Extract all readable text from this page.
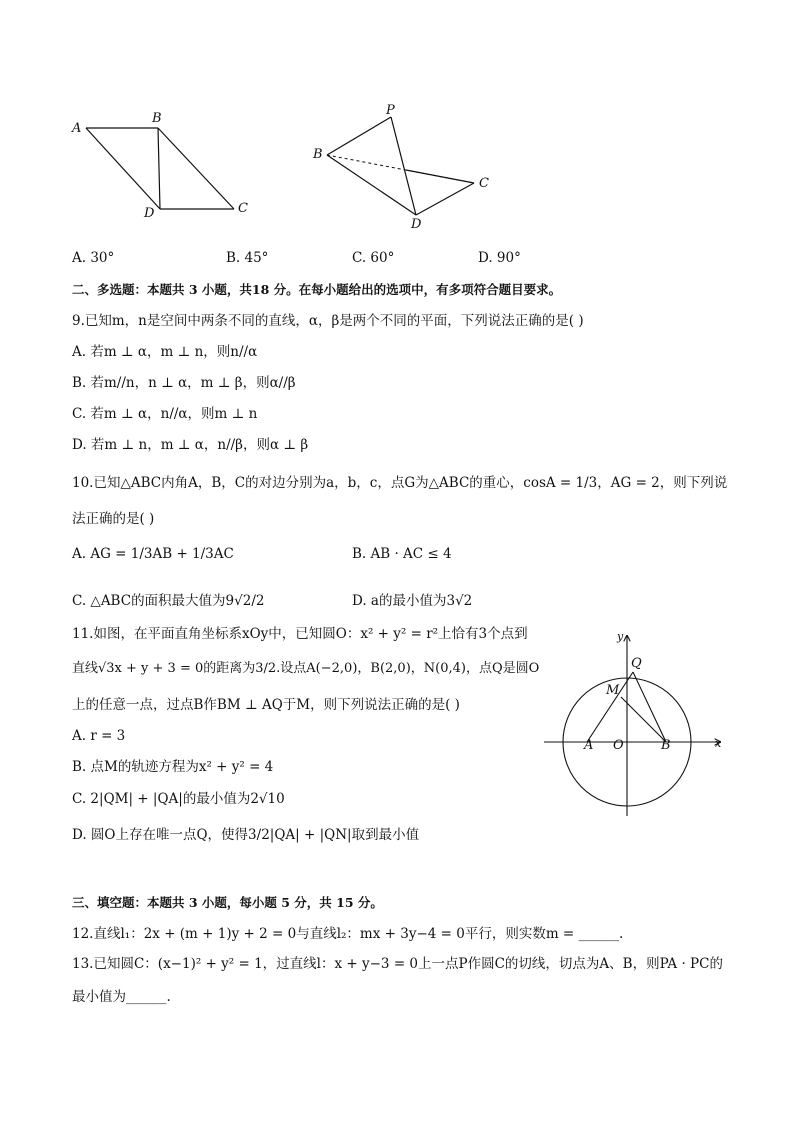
A
B
C
D
P
B
C
D
A. 30°	B. 45°	C. 60°	D. 90°
二、多选题：本题共 3 小题，共18 分。在每小题给出的选项中，有多项符合题目要求。
9.已知m，n是空间中两条不同的直线，α，β是两个不同的平面，下列说法正确的是( )
A. 若m ⊥ α，m ⊥ n，则n//α
B. 若m//n，n ⊥ α，m ⊥ β，则α//β
C. 若m ⊥ α，n//α，则m ⊥ n
D. 若m ⊥ n，m ⊥ α，n//β，则α ⊥ β
10.已知△ABC内角A，B，C的对边分别为a，b，c，点G为△ABC的重心，cosA = 1/3，AG = 2，则下列说
法正确的是( )
A. AG = 1/3AB + 1/3AC	B. AB · AC ≤ 4
C. △ABC的面积最大值为9√2/2	D. a的最小值为3√2
11.如图，在平面直角坐标系xOy中，已知圆O：x² + y² = r²上恰有3个点到
直线√3x + y + 3 = 0的距离为3/2.设点A(−2,0)，B(2,0)，N(0,4)，点Q是圆O
上的任意一点，过点B作BM ⊥ AQ于M，则下列说法正确的是( )
A. r = 3
B. 点M的轨迹方程为x² + y² = 4
C. 2|QM| + |QA|的最小值为2√10
D. 圆O上存在唯一点Q，使得3/2|QA| + |QN|取到最小值
y
x
O
A	B
M
Q
三、填空题：本题共 3 小题，每小题 5 分，共 15 分。
12.直线l₁：2x + (m + 1)y + 2 = 0与直线l₂：mx + 3y−4 = 0平行，则实数m = ______.
13.已知圆C：(x−1)² + y² = 1，过直线l：x + y−3 = 0上一点P作圆C的切线，切点为A、B，则PA · PC的
最小值为______.
